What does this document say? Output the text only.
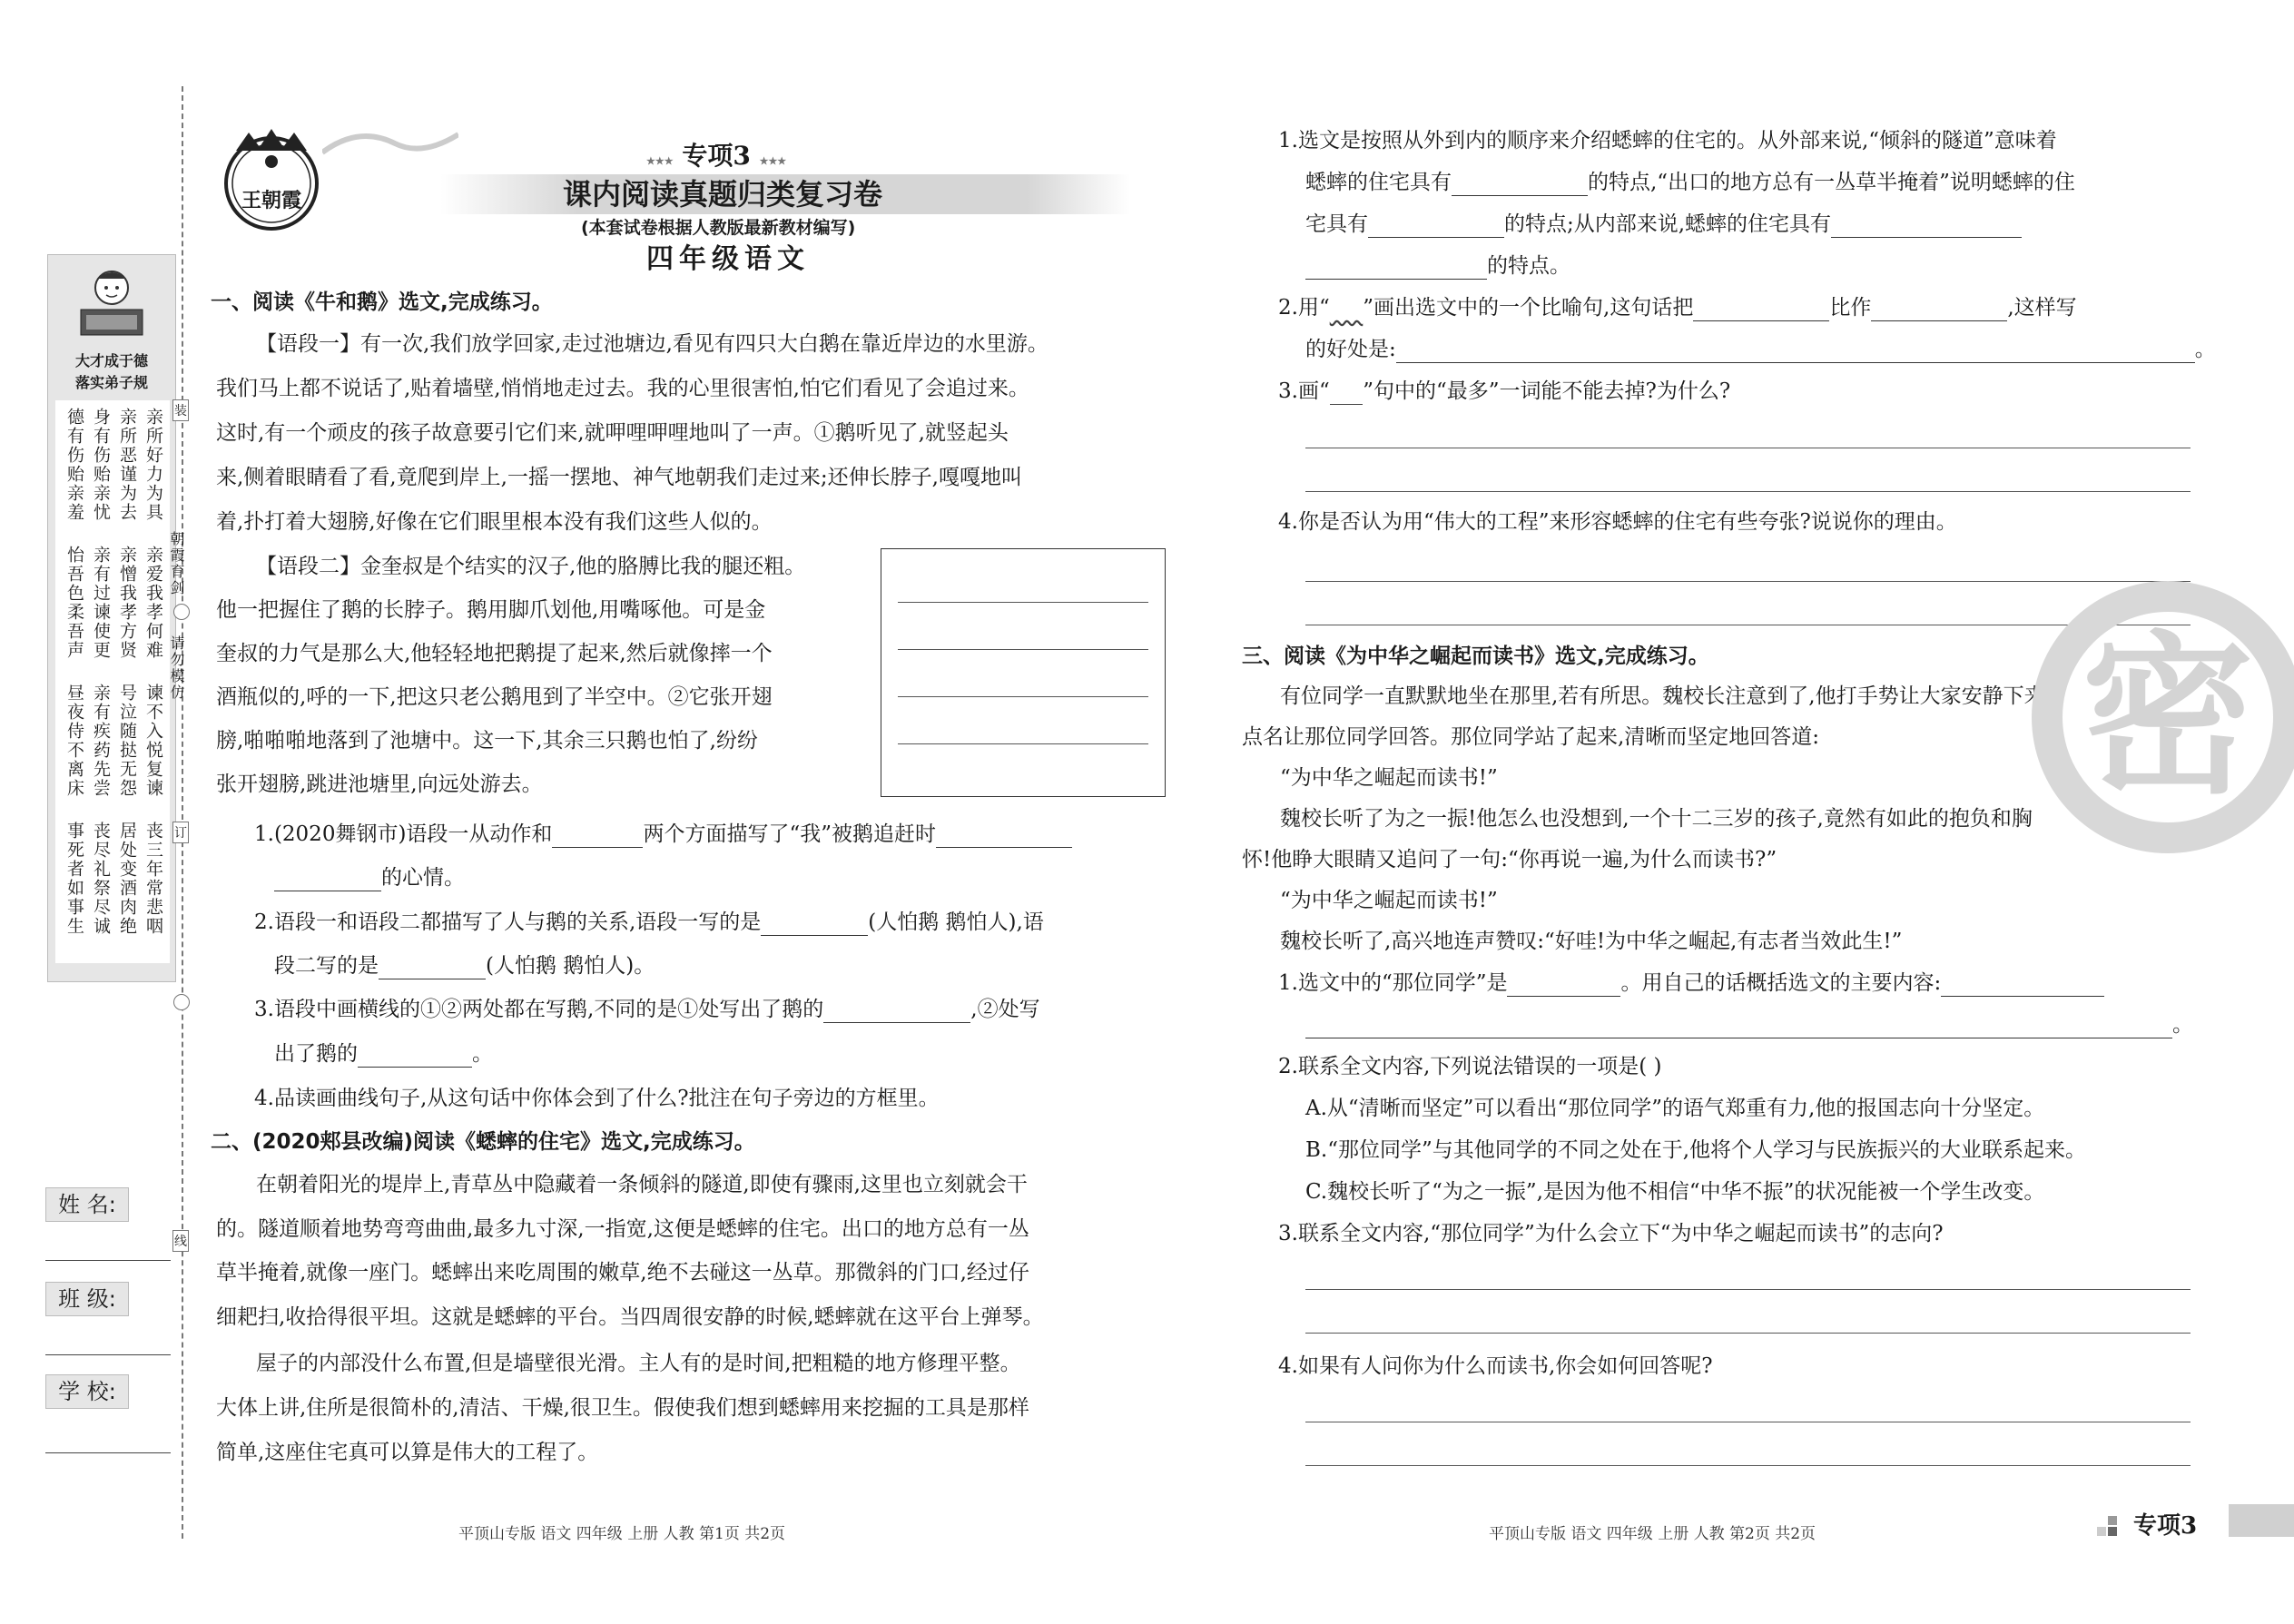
大才成于德
落实弟子规
亲所好力为具
亲所恶谨为去
身有伤贻亲忧
德有伤贻亲羞
亲爱我孝何难
亲憎我孝方贤
亲有过谏使更
怡吾色柔吾声
谏不入悦复谏
号泣随挞无怨
亲有疾药先尝
昼夜侍不离床
丧三年常悲咽
居处变酒肉绝
丧尽礼祭尽诚
事死者如事生
朝霞育剑
请勿模仿
装
订
线
姓 名:
班 级:
学 校:
王朝霞
★★★ 专项3 ★★★
课内阅读真题归类复习卷
(本套试卷根据人教版最新教材编写)
四年级语文
一、阅读《牛和鹅》选文,完成练习。
【语段一】有一次,我们放学回家,走过池塘边,看见有四只大白鹅在靠近岸边的水里游。
我们马上都不说话了,贴着墙壁,悄悄地走过去。我的心里很害怕,怕它们看见了会追过来。
这时,有一个顽皮的孩子故意要引它们来,就呷哩呷哩地叫了一声。①鹅听见了,就竖起头
来,侧着眼睛看了看,竟爬到岸上,一摇一摆地、神气地朝我们走过来;还伸长脖子,嘎嘎地叫
着,扑打着大翅膀,好像在它们眼里根本没有我们这些人似的。
【语段二】金奎叔是个结实的汉子,他的胳膊比我的腿还粗。
他一把握住了鹅的长脖子。鹅用脚爪划他,用嘴啄他。可是金
奎叔的力气是那么大,他轻轻地把鹅提了起来,然后就像摔一个
酒瓶似的,呼的一下,把这只老公鹅甩到了半空中。②它张开翅
膀,啪啪啪地落到了池塘中。这一下,其余三只鹅也怕了,纷纷
张开翅膀,跳进池塘里,向远处游去。
1.(2020舞钢市)语段一从动作和	两个方面描写了“我”被鹅追赶时
的心情。
2.语段一和语段二都描写了人与鹅的关系,语段一写的是	(人怕鹅 鹅怕人),语
段二写的是	(人怕鹅 鹅怕人)。
3.语段中画横线的①②两处都在写鹅,不同的是①处写出了鹅的	,②处写
出了鹅的	。
4.品读画曲线句子,从这句话中你体会到了什么?批注在句子旁边的方框里。
二、(2020郏县改编)阅读《蟋蟀的住宅》选文,完成练习。
在朝着阳光的堤岸上,青草丛中隐藏着一条倾斜的隧道,即使有骤雨,这里也立刻就会干
的。隧道顺着地势弯弯曲曲,最多九寸深,一指宽,这便是蟋蟀的住宅。出口的地方总有一丛
草半掩着,就像一座门。蟋蟀出来吃周围的嫩草,绝不去碰这一丛草。那微斜的门口,经过仔
细耙扫,收拾得很平坦。这就是蟋蟀的平台。当四周很安静的时候,蟋蟀就在这平台上弹琴。
屋子的内部没什么布置,但是墙壁很光滑。主人有的是时间,把粗糙的地方修理平整。
大体上讲,住所是很简朴的,清洁、干燥,很卫生。假使我们想到蟋蟀用来挖掘的工具是那样
简单,这座住宅真可以算是伟大的工程了。
平顶山专版 语文 四年级 上册 人教 第1页 共2页
1.选文是按照从外到内的顺序来介绍蟋蟀的住宅的。从外部来说,“倾斜的隧道”意味着
蟋蟀的住宅具有	的特点,“出口的地方总有一丛草半掩着”说明蟋蟀的住
宅具有	的特点;从内部来说,蟋蟀的住宅具有
的特点。
2.用“ ”画出选文中的一个比喻句,这句话把	比作	,这样写
的好处是:	。
3.画“ ”句中的“最多”一词能不能去掉?为什么?
4.你是否认为用“伟大的工程”来形容蟋蟀的住宅有些夸张?说说你的理由。
三、阅读《为中华之崛起而读书》选文,完成练习。
有位同学一直默默地坐在那里,若有所思。魏校长注意到了,他打手势让大家安静下来,
点名让那位同学回答。那位同学站了起来,清晰而坚定地回答道:
“为中华之崛起而读书!”
魏校长听了为之一振!他怎么也没想到,一个十二三岁的孩子,竟然有如此的抱负和胸
怀!他睁大眼睛又追问了一句:“你再说一遍,为什么而读书?”
“为中华之崛起而读书!”
魏校长听了,高兴地连声赞叹:“好哇!为中华之崛起,有志者当效此生!”
1.选文中的“那位同学”是	。用自己的话概括选文的主要内容:
。
2.联系全文内容,下列说法错误的一项是( )
A.从“清晰而坚定”可以看出“那位同学”的语气郑重有力,他的报国志向十分坚定。
B.“那位同学”与其他同学的不同之处在于,他将个人学习与民族振兴的大业联系起来。
C.魏校长听了“为之一振”,是因为他不相信“中华不振”的状况能被一个学生改变。
3.联系全文内容,“那位同学”为什么会立下“为中华之崛起而读书”的志向?
4.如果有人问你为什么而读书,你会如何回答呢?
密
平顶山专版 语文 四年级 上册 人教 第2页 共2页	专项3
